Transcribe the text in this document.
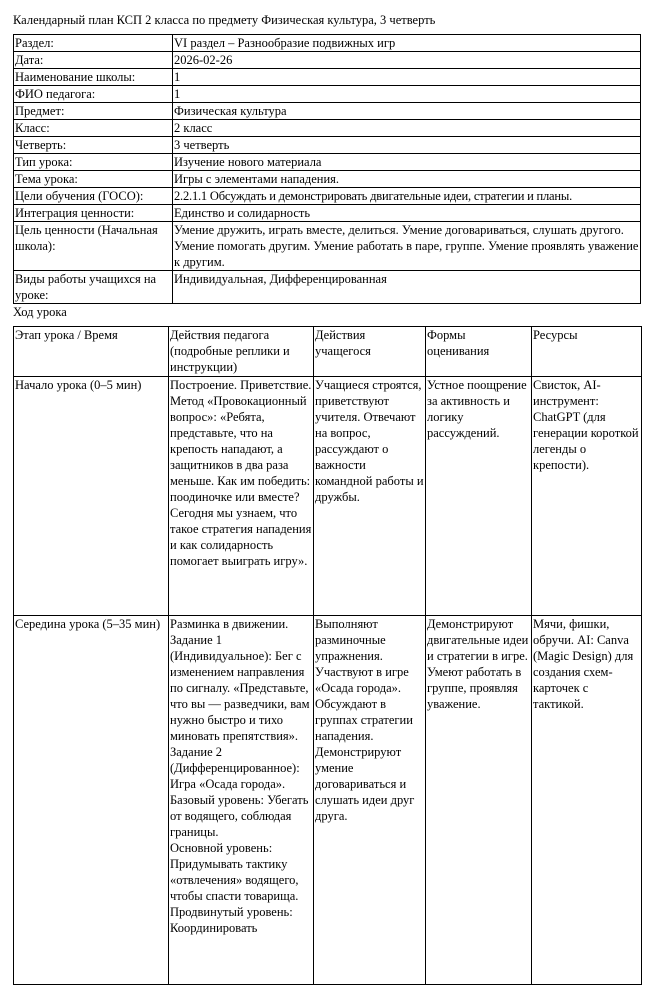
Календарный план КСП 2 класса по предмету Физическая культура, 3 четверть
Раздел:	VI раздел – Разнообразие подвижных игр
Дата:	2026-02-26
Наименование школы:	1
ФИО педагога:	1
Предмет:	Физическая культура
Класс:	2 класс
Четверть:	3 четверть
Тип урока:	Изучение нового материала
Тема урока:	Игры с элементами нападения.
Цели обучения (ГОСО):	2.2.1.1 Обсуждать и демонстрировать двигательные идеи, стратегии и планы.
Интеграция ценности:	Единство и солидарность
Цель ценности (Начальная школа):	Умение дружить, играть вместе, делиться. Умение договариваться, слушать другого. Умение помогать другим. Умение работать в паре, группе. Умение проявлять уважение к другим.
Виды работы учащихся на уроке:	Индивидуальная, Дифференцированная
Ход урока
Этап урока / Время	Действия педагога (подробные реплики и инструкции)	Действия учащегося	Формы оценивания	Ресурсы
Начало урока (0–5 мин)	Построение. Приветствие. Метод «Провокационный вопрос»: «Ребята, представьте, что на крепость нападают, а защитников в два раза меньше. Как им победить: поодиночке или вместе? Сегодня мы узнаем, что такое стратегия нападения и как солидарность помогает выиграть игру».	Учащиеся строятся, приветствуют учителя. Отвечают на вопрос, рассуждают о важности командной работы и дружбы.	Устное поощрение за активность и логику рассуждений.	Свисток, AI-инструмент: ChatGPT (для генерации короткой легенды о крепости).
Середина урока (5–35 мин)	Разминка в движении. Задание 1 (Индивидуальное): Бег с изменением направления по сигналу. «Представьте, что вы — разведчики, вам нужно быстро и тихо миновать препятствия». Задание 2 (Дифференцированное): Игра «Осада города».
Базовый уровень: Убегать от водящего, соблюдая границы.
Основной уровень: Придумывать тактику «отвлечения» водящего, чтобы спасти товарища.
Продвинутый уровень: Координировать	Выполняют разминочные упражнения. Участвуют в игре «Осада города». Обсуждают в группах стратегии нападения. Демонстрируют умение договариваться и слушать идеи друг друга.	Демонстрируют двигательные идеи и стратегии в игре. Умеют работать в группе, проявляя уважение.	Мячи, фишки, обручи. AI: Canva (Magic Design) для создания схем-карточек с тактикой.
